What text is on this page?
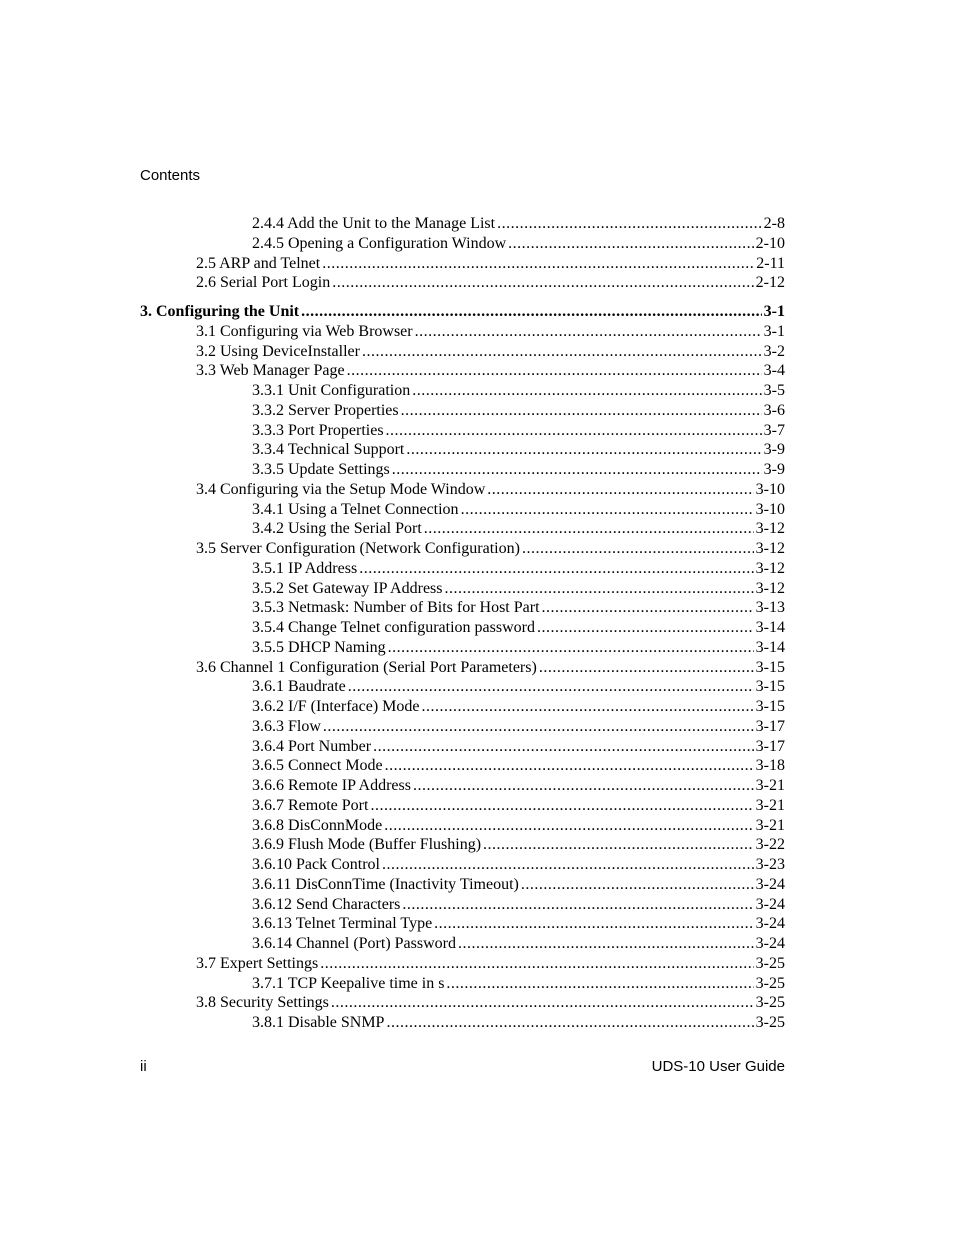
Contents
2.4.4 Add the Unit to the Manage List .....	2-8
2.4.5 Opening a Configuration Window .....	2-10
2.5 ARP and Telnet .....	2-11
2.6 Serial Port Login .....	2-12
3. Configuring the Unit .....	3-1
3.1 Configuring via Web Browser .....	3-1
3.2 Using DeviceInstaller .....	3-2
3.3 Web Manager Page .....	3-4
3.3.1 Unit Configuration .....	3-5
3.3.2 Server Properties .....	3-6
3.3.3 Port Properties .....	3-7
3.3.4 Technical Support .....	3-9
3.3.5 Update Settings .....	3-9
3.4 Configuring via the Setup Mode Window .....	3-10
3.4.1 Using a Telnet Connection .....	3-10
3.4.2 Using the Serial Port .....	3-12
3.5 Server Configuration (Network Configuration) .....	3-12
3.5.1 IP Address .....	3-12
3.5.2 Set Gateway IP Address .....	3-12
3.5.3 Netmask: Number of Bits for Host Part .....	3-13
3.5.4 Change Telnet configuration password .....	3-14
3.5.5 DHCP Naming .....	3-14
3.6 Channel 1 Configuration (Serial Port Parameters) .....	3-15
3.6.1 Baudrate .....	3-15
3.6.2 I/F (Interface) Mode .....	3-15
3.6.3 Flow .....	3-17
3.6.4 Port Number .....	3-17
3.6.5 Connect Mode .....	3-18
3.6.6 Remote IP Address .....	3-21
3.6.7 Remote Port .....	3-21
3.6.8 DisConnMode .....	3-21
3.6.9 Flush Mode (Buffer Flushing) .....	3-22
3.6.10 Pack Control .....	3-23
3.6.11 DisConnTime (Inactivity Timeout) .....	3-24
3.6.12 Send Characters .....	3-24
3.6.13 Telnet Terminal Type .....	3-24
3.6.14 Channel (Port) Password .....	3-24
3.7 Expert Settings .....	3-25
3.7.1 TCP Keepalive time in s .....	3-25
3.8 Security Settings .....	3-25
3.8.1 Disable SNMP .....	3-25
ii	UDS-10 User Guide
